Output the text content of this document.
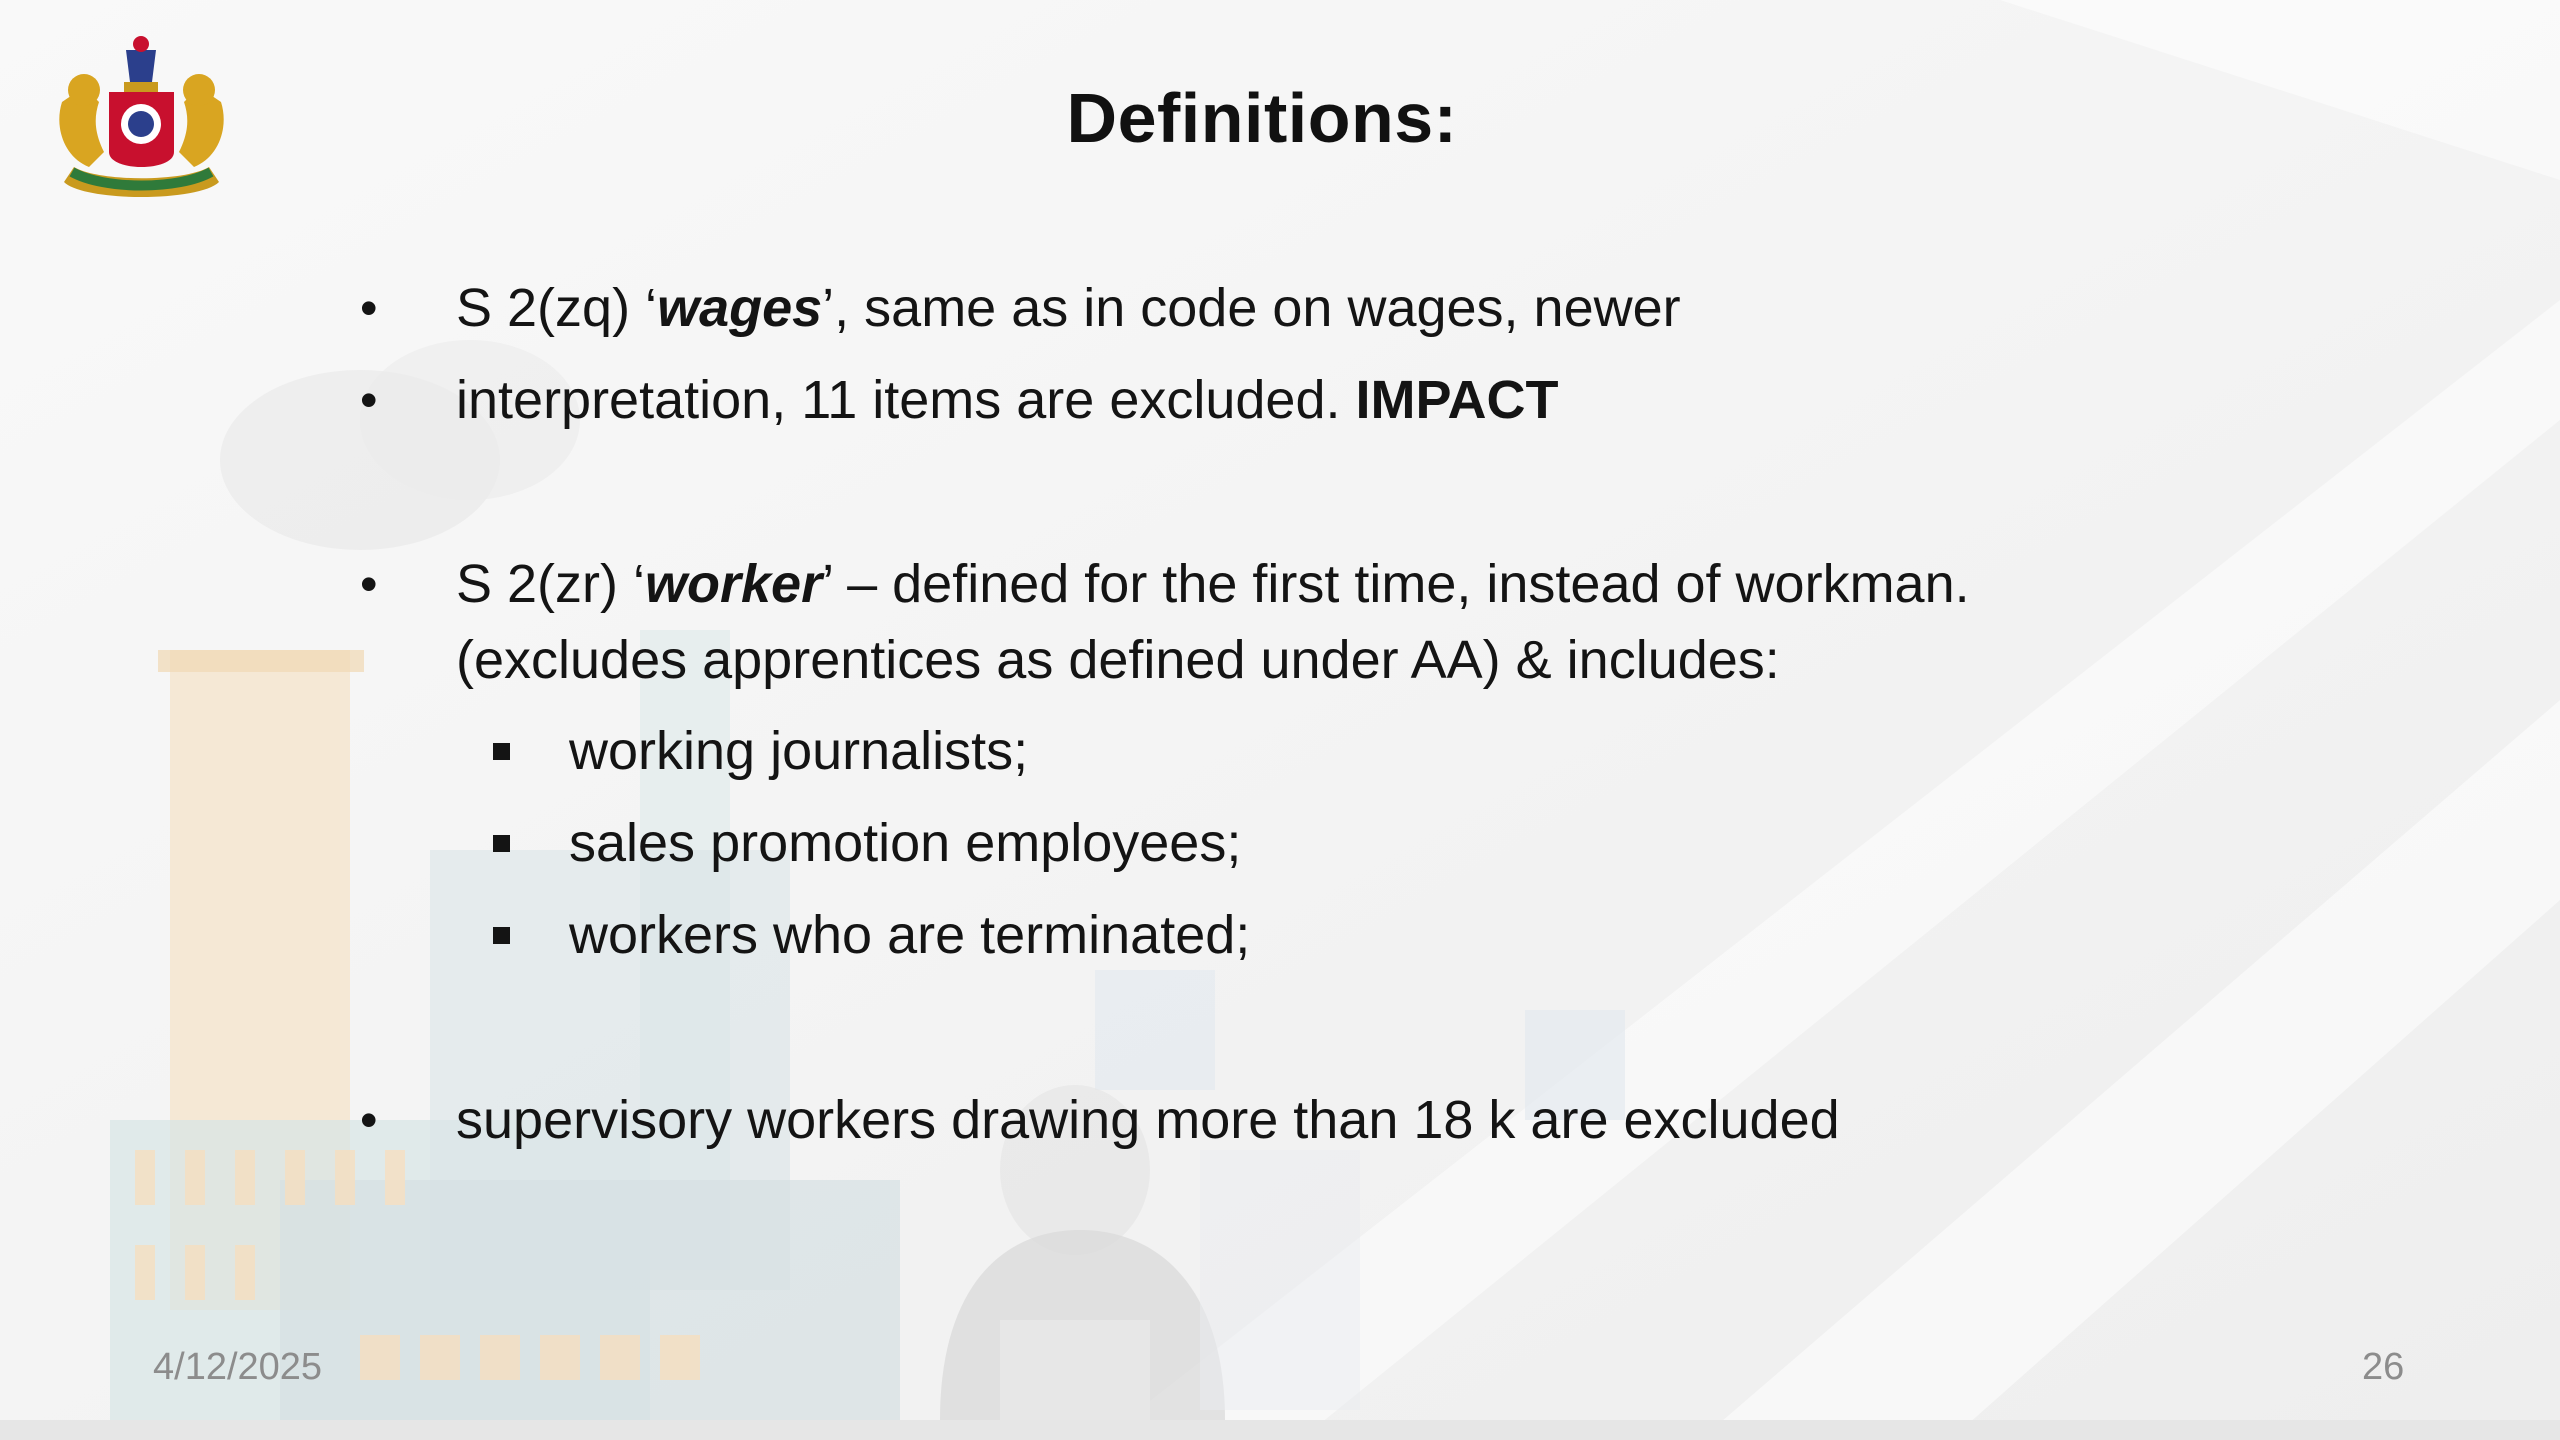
Definitions:
• S 2(zq) ‘wages’, same as in code on wages, newer
• interpretation, 11 items are excluded. IMPACT
• S 2(zr) ‘worker’ – defined for the first time, instead of workman.
(excludes apprentices as defined under AA) & includes:
working journalists;
sales promotion employees;
workers who are terminated;
• supervisory workers drawing more than 18 k are excluded
4/12/2025	26
